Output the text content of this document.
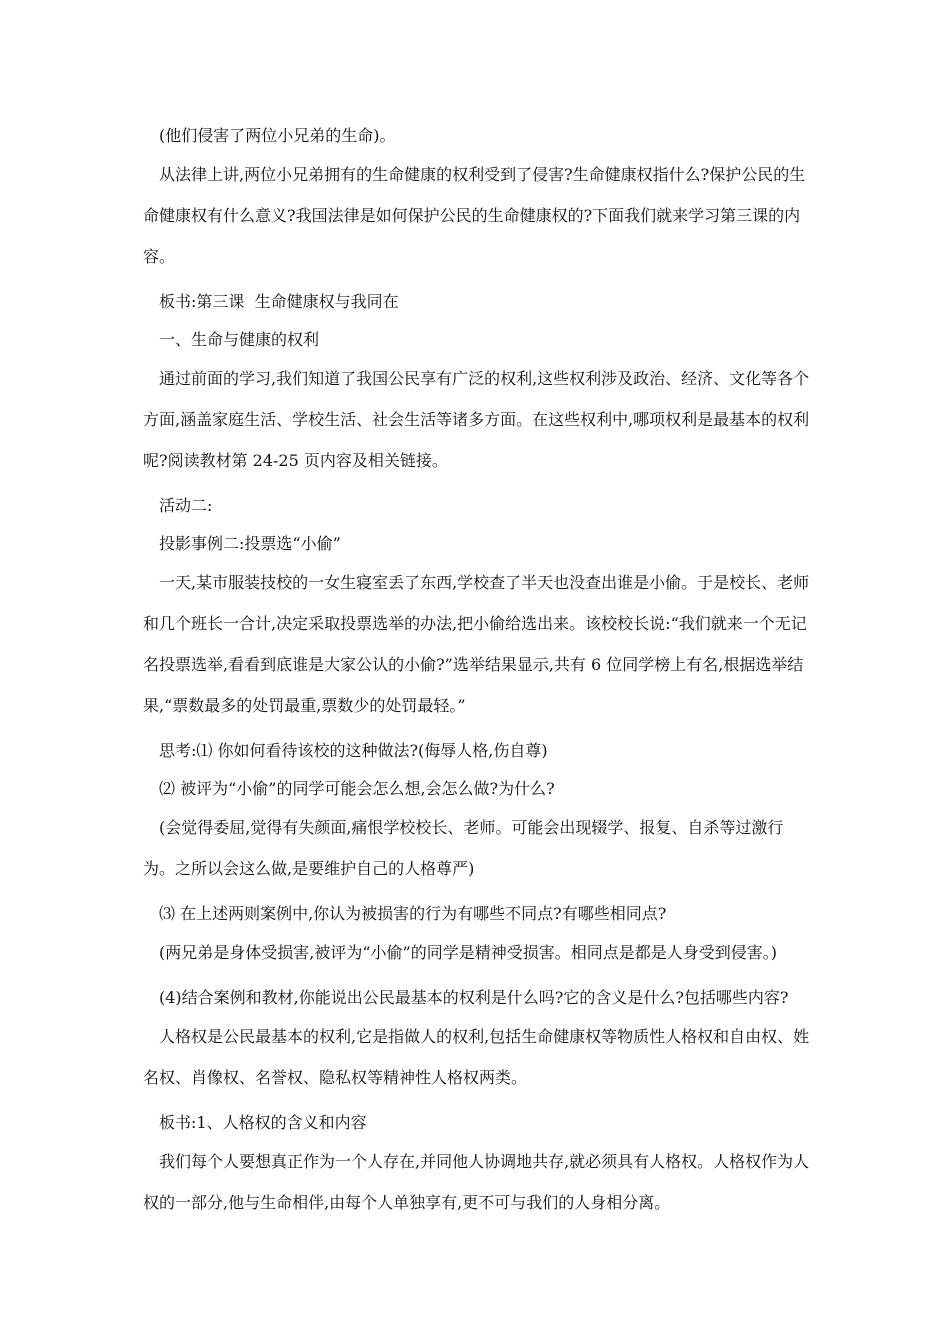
(他们侵害了两位小兄弟的生命)。

从法律上讲,两位小兄弟拥有的生命健康的权利受到了侵害?生命健康权指什么?保护公民的生命健康权有什么意义?我国法律是如何保护公民的生命健康权的?下面我们就来学习第三课的内容。

板书:第三课  生命健康权与我同在

一、生命与健康的权利

通过前面的学习,我们知道了我国公民享有广泛的权利,这些权利涉及政治、经济、文化等各个方面,涵盖家庭生活、学校生活、社会生活等诸多方面。在这些权利中,哪项权利是最基本的权利呢?阅读教材第 24-25 页内容及相关链接。

活动二:

投影事例二:投票选“小偷”

一天,某市服装技校的一女生寝室丢了东西,学校查了半天也没查出谁是小偷。于是校长、老师和几个班长一合计,决定采取投票选举的办法,把小偷给选出来。该校校长说:“我们就来一个无记名投票选举,看看到底谁是大家公认的小偷?”选举结果显示,共有 6 位同学榜上有名,根据选举结果,“票数最多的处罚最重,票数少的处罚最轻。”

思考:⑴ 你如何看待该校的这种做法?(侮辱人格,伤自尊)

⑵ 被评为“小偷”的同学可能会怎么想,会怎么做?为什么?

(会觉得委屈,觉得有失颜面,痛恨学校校长、老师。可能会出现辍学、报复、自杀等过激行为。之所以会这么做,是要维护自己的人格尊严)

⑶ 在上述两则案例中,你认为被损害的行为有哪些不同点?有哪些相同点?

(两兄弟是身体受损害,被评为“小偷”的同学是精神受损害。相同点是都是人身受到侵害。)

(4)结合案例和教材,你能说出公民最基本的权利是什么吗?它的含义是什么?包括哪些内容?

人格权是公民最基本的权利,它是指做人的权利,包括生命健康权等物质性人格权和自由权、姓名权、肖像权、名誉权、隐私权等精神性人格权两类。

板书:1、人格权的含义和内容

我们每个人要想真正作为一个人存在,并同他人协调地共存,就必须具有人格权。人格权作为人权的一部分,他与生命相伴,由每个人单独享有,更不可与我们的人身相分离。
